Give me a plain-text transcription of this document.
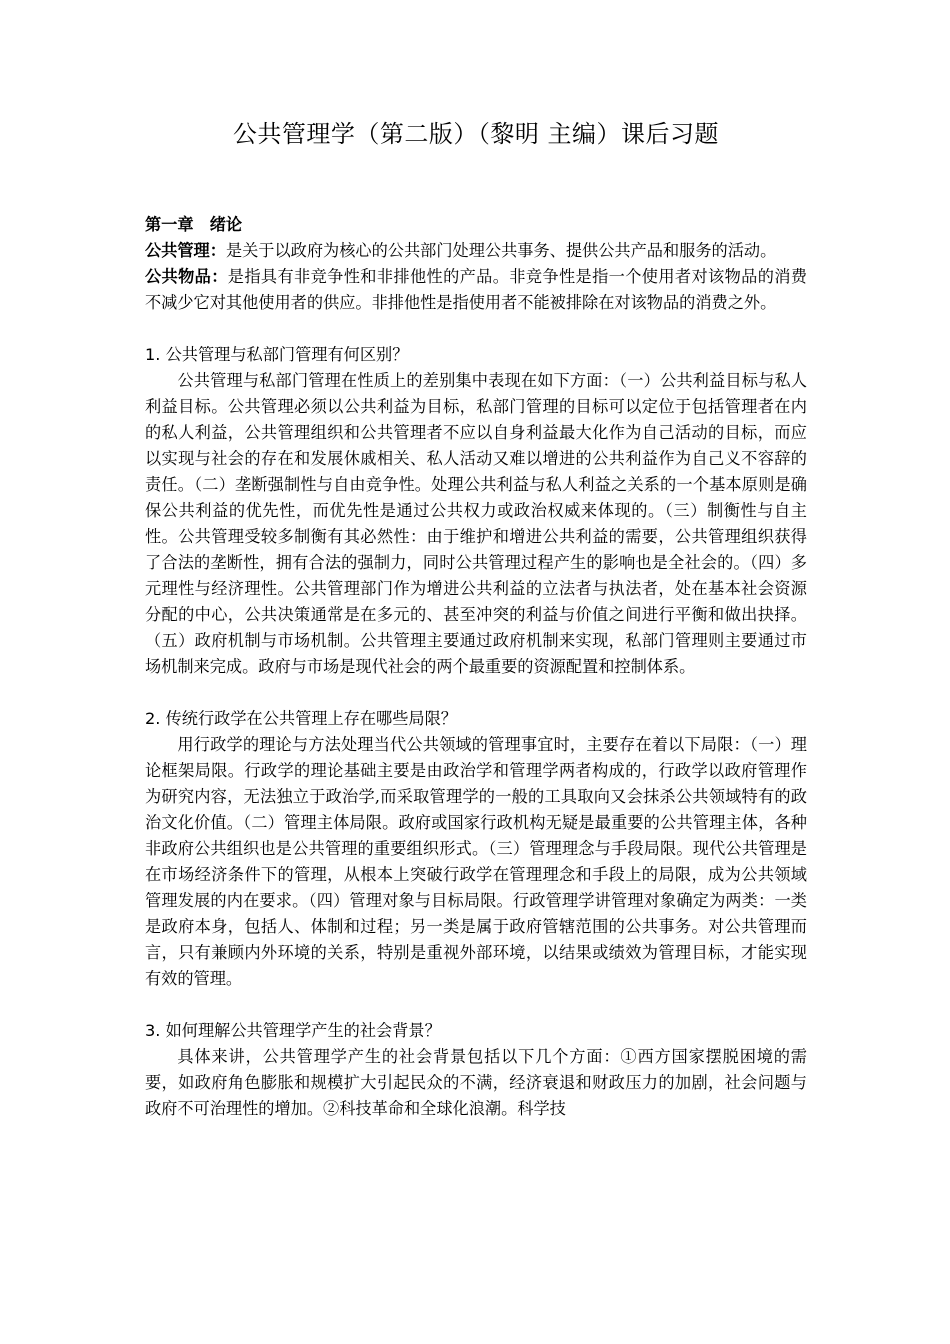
公共管理学（第二版）（黎明 主编）课后习题

第一章　绪论

公共管理：是关于以政府为核心的公共部门处理公共事务、提供公共产品和服务的活动。

公共物品：是指具有非竞争性和非排他性的产品。非竞争性是指一个使用者对该物品的消费不减少它对其他使用者的供应。非排他性是指使用者不能被排除在对该物品的消费之外。

1. 公共管理与私部门管理有何区别？

公共管理与私部门管理在性质上的差别集中表现在如下方面：（一）公共利益目标与私人利益目标。公共管理必须以公共利益为目标，私部门管理的目标可以定位于包括管理者在内的私人利益，公共管理组织和公共管理者不应以自身利益最大化作为自己活动的目标，而应以实现与社会的存在和发展休戚相关、私人活动又难以增进的公共利益作为自己义不容辞的责任。（二）垄断强制性与自由竞争性。处理公共利益与私人利益之关系的一个基本原则是确保公共利益的优先性，而优先性是通过公共权力或政治权威来体现的。（三）制衡性与自主性。公共管理受较多制衡有其必然性：由于维护和增进公共利益的需要，公共管理组织获得了合法的垄断性，拥有合法的强制力，同时公共管理过程产生的影响也是全社会的。（四）多元理性与经济理性。公共管理部门作为增进公共利益的立法者与执法者，处在基本社会资源分配的中心，公共决策通常是在多元的、甚至冲突的利益与价值之间进行平衡和做出抉择。（五）政府机制与市场机制。公共管理主要通过政府机制来实现，私部门管理则主要通过市场机制来完成。政府与市场是现代社会的两个最重要的资源配置和控制体系。

2. 传统行政学在公共管理上存在哪些局限？

用行政学的理论与方法处理当代公共领域的管理事宜时，主要存在着以下局限：（一）理论框架局限。行政学的理论基础主要是由政治学和管理学两者构成的，行政学以政府管理作为研究内容，无法独立于政治学,而采取管理学的一般的工具取向又会抹杀公共领域特有的政治文化价值。（二）管理主体局限。政府或国家行政机构无疑是最重要的公共管理主体，各种非政府公共组织也是公共管理的重要组织形式。（三）管理理念与手段局限。现代公共管理是在市场经济条件下的管理，从根本上突破行政学在管理理念和手段上的局限，成为公共领域管理发展的内在要求。（四）管理对象与目标局限。行政管理学讲管理对象确定为两类：一类是政府本身，包括人、体制和过程；另一类是属于政府管辖范围的公共事务。对公共管理而言，只有兼顾内外环境的关系，特别是重视外部环境，以结果或绩效为管理目标，才能实现有效的管理。

3. 如何理解公共管理学产生的社会背景？

具体来讲，公共管理学产生的社会背景包括以下几个方面：①西方国家摆脱困境的需要，如政府角色膨胀和规模扩大引起民众的不满，经济衰退和财政压力的加剧，社会问题与政府不可治理性的增加。②科技革命和全球化浪潮。科学技
